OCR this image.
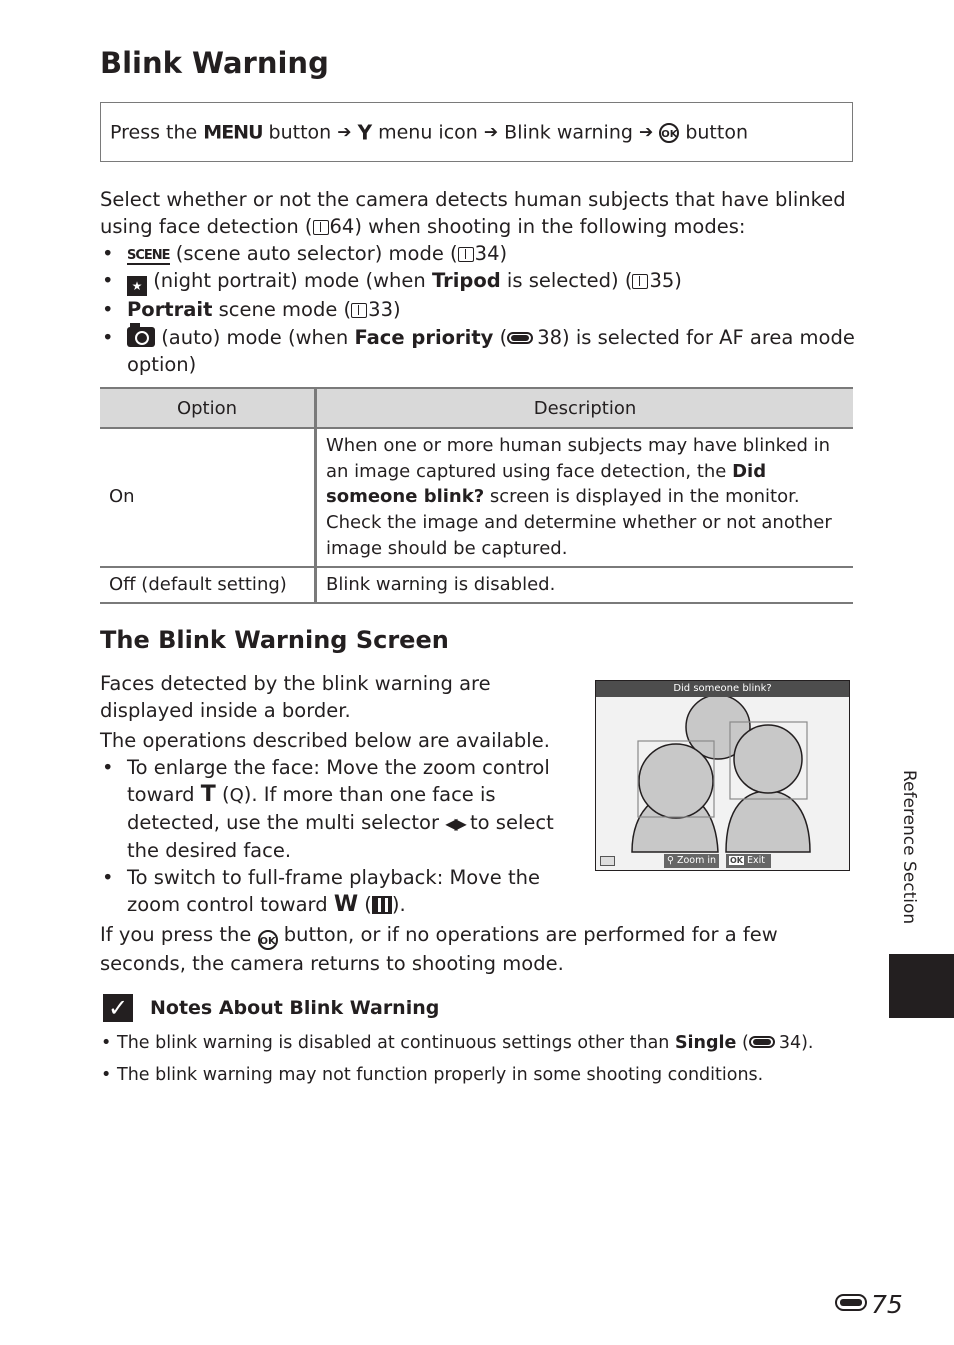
Blink Warning
Press the MENU button ➔ Y menu icon ➔ Blink warning ➔ OK button

Select whether or not the camera detects human subjects that have blinked using face detection ( 64) when shooting in the following modes:

• SCENE (scene auto selector) mode ( 34)
• ★ (night portrait) mode (when Tripod is selected) ( 35)
• Portrait scene mode ( 33)
• (auto) mode (when Face priority ( 38) is selected for AF area mode option)
Option	Description
On	When one or more human subjects may have blinked in an image captured using face detection, the Did someone blink? screen is displayed in the monitor. Check the image and determine whether or not another image should be captured.
Off (default setting)	Blink warning is disabled.
The Blink Warning Screen

Faces detected by the blink warning are displayed inside a border.

The operations described below are available.

• To enlarge the face: Move the zoom control toward T (Q). If more than one face is detected, use the multi selector ◀▶ to select the desired face.
• To switch to full-frame playback: Move the zoom control toward W ( ).

If you press the OK button, or if no operations are performed for a few seconds, the camera returns to shooting mode.

Did someone blink?
⚲ Zoom in	OK Exit
✓ Notes About Blink Warning
• The blink warning is disabled at continuous settings other than Single ( 34).
• The blink warning may not function properly in some shooting conditions.
Reference Section
75
